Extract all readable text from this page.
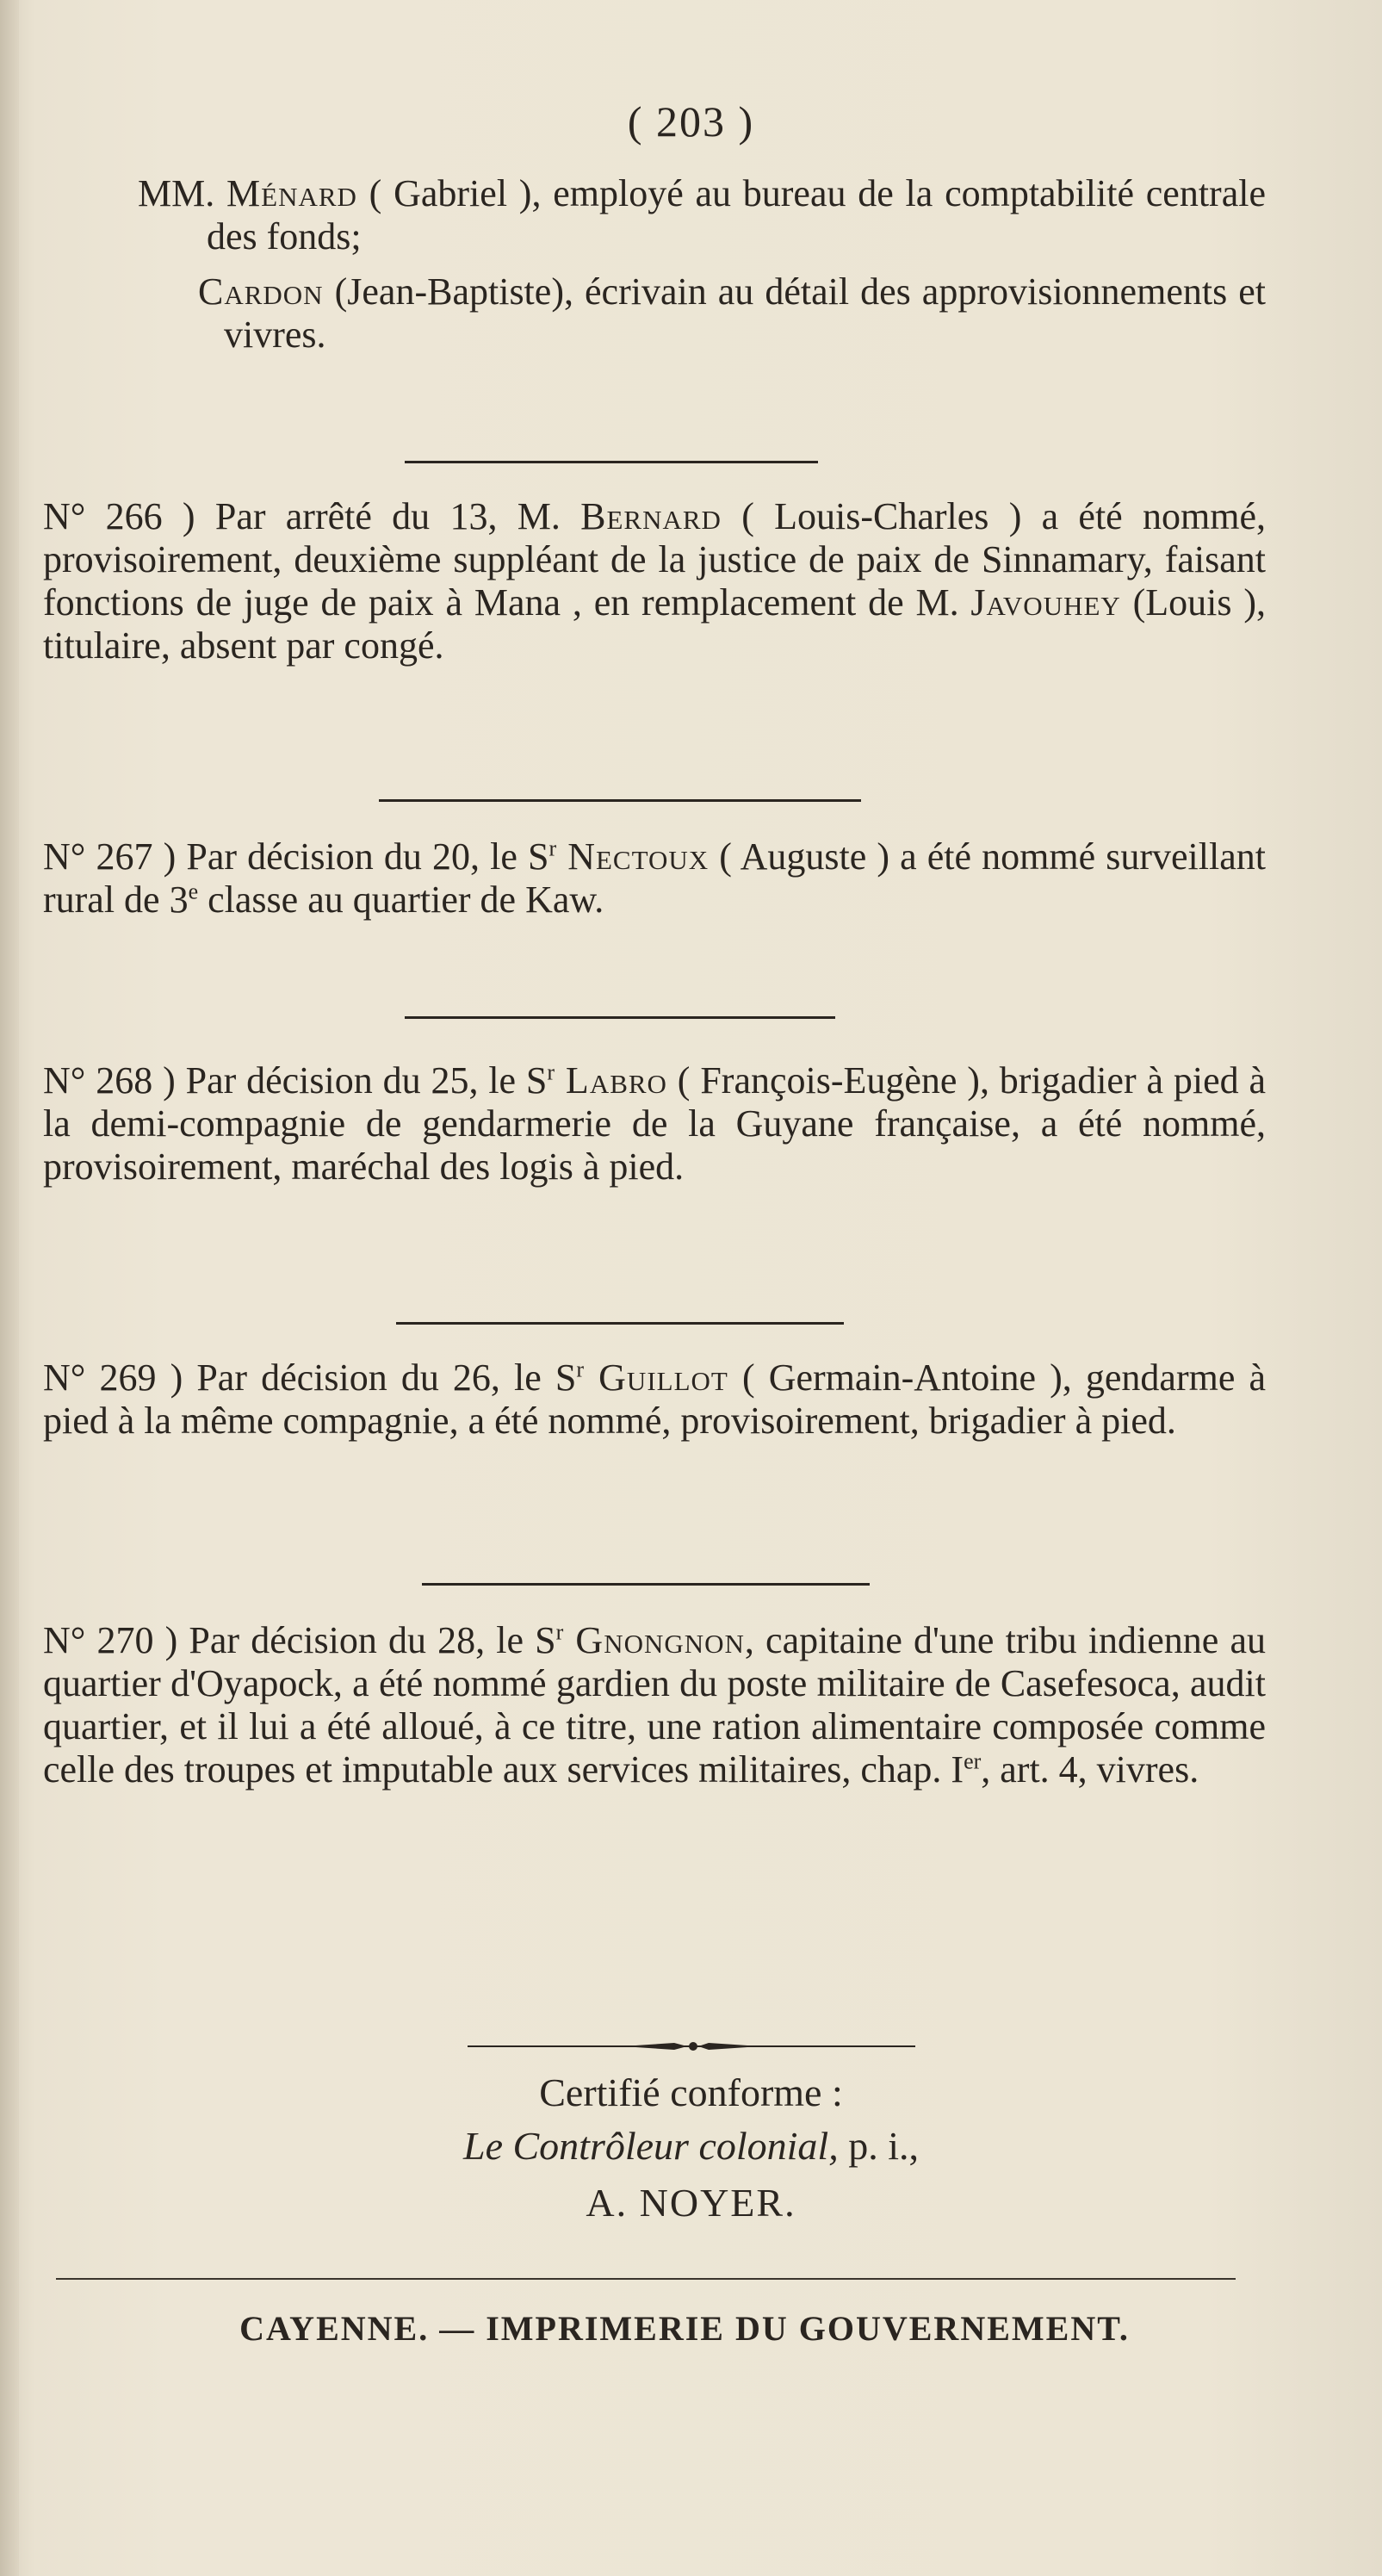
( 203 )

MM. Ménard ( Gabriel ), employé au bureau de la comptabilité centrale des fonds;

Cardon (Jean-Baptiste), écrivain au détail des approvisionnements et vivres.

N° 266 ) Par arrêté du 13, M. Bernard ( Louis-Charles ) a été nommé, provisoirement, deuxième suppléant de la justice de paix de Sinnamary, faisant fonctions de juge de paix à Mana , en remplacement de M. Javouhey (Louis ), titulaire, absent par congé.

N° 267 ) Par décision du 20, le $S^r$ Nectoux ( Auguste ) a été nommé surveillant rural de 3e classe au quartier de Kaw.

N° 268 ) Par décision du 25, le $S^r$ Labro ( François-Eugène ), brigadier à pied à la demi-compagnie de gendarmerie de la Guyane française, a été nommé, provisoirement, maréchal des logis à pied.

N° 269 ) Par décision du 26, le $S^r$ Guillot ( Germain-Antoine ), gendarme à pied à la même compagnie, a été nommé, provisoirement, brigadier à pied.

N° 270 ) Par décision du 28, le $S^r$ Gnongnon, capitaine d'une tribu indienne au quartier d'Oyapock, a été nommé gardien du poste militaire de Casefesoca, audit quartier, et il lui a été alloué, à ce titre, une ration alimentaire composée comme celle des troupes et imputable aux services militaires, chap. Ier, art. 4, vivres.

Certifié conforme :
Le Contrôleur colonial, p. i.,
A. NOYER.
CAYENNE. — IMPRIMERIE DU GOUVERNEMENT.
